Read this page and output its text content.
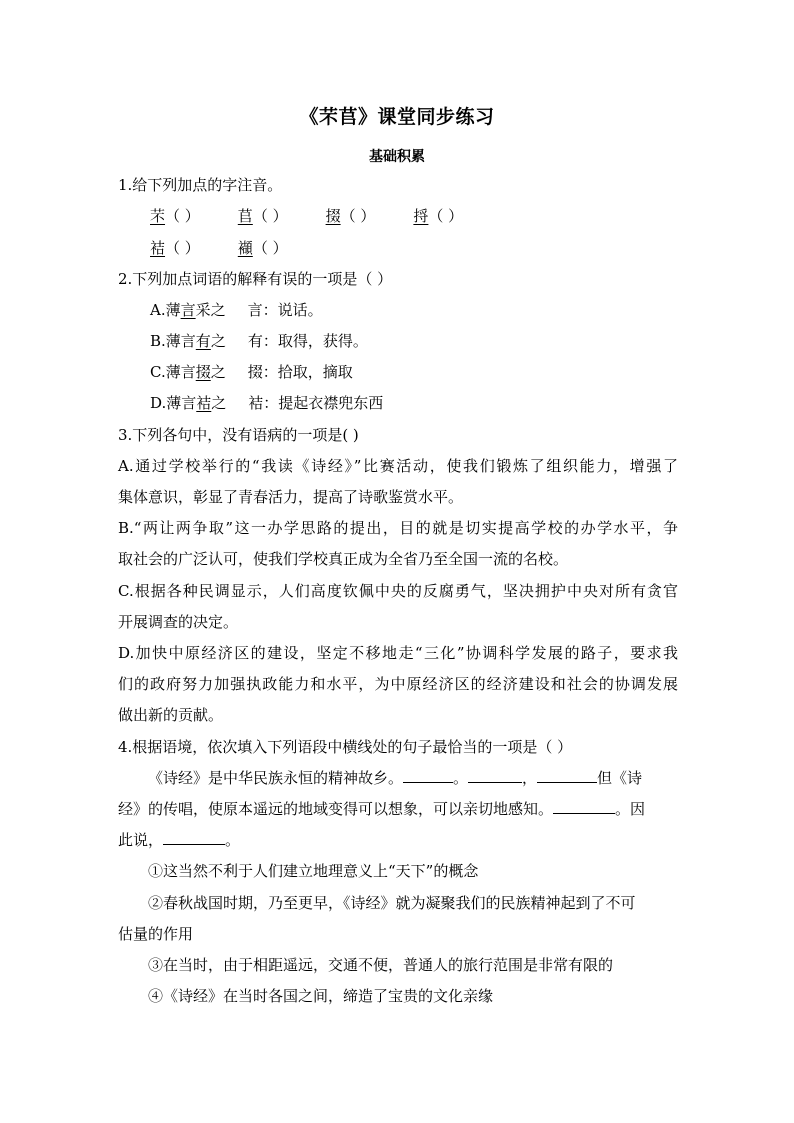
《芣苢》课堂同步练习
基础积累
1.给下列加点的字注音。
芣（ ）	苢（ ）	掇（ ）	捋（ ）
袺（ ）	襭（ ）
2.下列加点词语的解释有误的一项是（ ）
A.薄言采之 言：说话。
B.薄言有之 有：取得，获得。
C.薄言掇之 掇：拾取，摘取
D.薄言袺之 袺：提起衣襟兜东西
3.下列各句中，没有语病的一项是( )
A.通过学校举行的“我读《诗经》”比赛活动，使我们锻炼了组织能力，增强了
集体意识，彰显了青春活力，提高了诗歌鉴赏水平。
B.“两让两争取”这一办学思路的提出，目的就是切实提高学校的办学水平，争
取社会的广泛认可，使我们学校真正成为全省乃至全国一流的名校。
C.根据各种民调显示，人们高度钦佩中央的反腐勇气，坚决拥护中央对所有贪官
开展调查的决定。
D.加快中原经济区的建设，坚定不移地走“三化”协调科学发展的路子，要求我
们的政府努力加强执政能力和水平，为中原经济区的经济建设和社会的协调发展
做出新的贡献。
4.根据语境，依次填入下列语段中横线处的句子最恰当的一项是（ ）
《诗经》是中华民族永恒的精神故乡。	。	，	但《诗
经》的传唱，使原本遥远的地域变得可以想象，可以亲切地感知。	。因
此说，	。
①这当然不利于人们建立地理意义上“天下”的概念
②春秋战国时期，乃至更早，《诗经》就为凝聚我们的民族精神起到了不可
估量的作用
③在当时，由于相距遥远，交通不便，普通人的旅行范围是非常有限的
④《诗经》在当时各国之间，缔造了宝贵的文化亲缘
